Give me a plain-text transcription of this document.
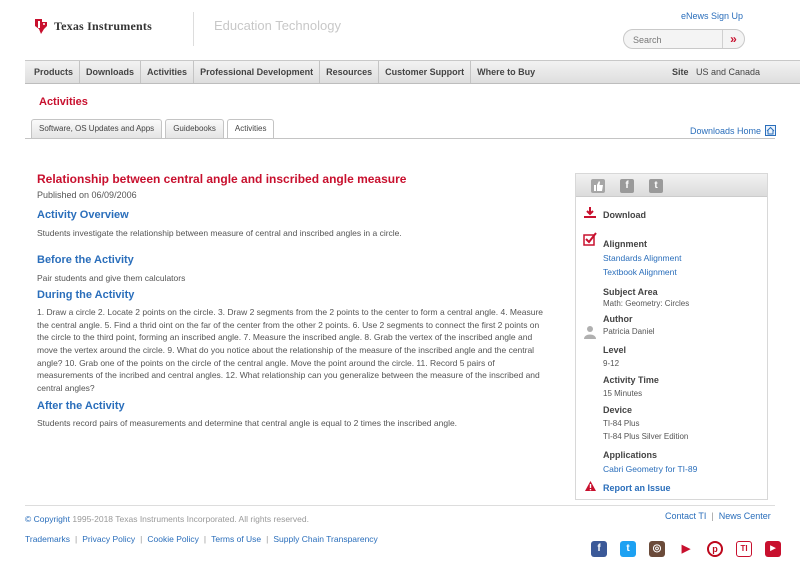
Texas Instruments	Education Technology
eNews Sign Up
Search
»
Products	Downloads	Activities	Professional Development	Resources	Customer Support	Where to Buy	Site US and Canada
Activities
Software, OS Updates and Apps	Guidebooks	Activities	Downloads Home
Relationship between central angle and inscribed angle measure
Published on 06/09/2006
Activity Overview
Students investigate the relationship between measure of central and inscribed angles in a circle.
Before the Activity
Pair students and give them calculators
During the Activity
1. Draw a circle 2. Locate 2 points on the circle. 3. Draw 2 segments from the 2 points to the center to form a central angle. 4. Measure the central angle. 5. Find a thrid oint on the far of the center from the other 2 points. 6. Use 2 segments to connect the first 2 points on the circle to the third point, forming an inscribed angle. 7. Measure the inscribed angle. 8. Grab the vertex of the inscribed angle and move the vertex around the circle. 9. What do you notice about the relationship of the measure of the inscribed angle and the central angle? 10. Grab one of the points on the circle of the central angle. Move the point around the circle. 11. Record 5 pairs of measurements of the incribed and central angles. 12. What relationship can you generalize between the measure of the inscribed and central angles?
After the Activity
Students record pairs of measurements and determine that central angle is equal to 2 times the inscribed angle.
f	t
Download
Alignment
Standards Alignment
Textbook Alignment
Subject Area
Math: Geometry: Circles
Author
Patricia Daniel
Level
9-12
Activity Time
15 Minutes
Device
TI-84 Plus
TI-84 Plus Silver Edition
Applications
Cabri Geometry for TI-89
Report an Issue
© Copyright 1995-2018 Texas Instruments Incorporated. All rights reserved.	Contact TI | News Center
Trademarks | Privacy Policy | Cookie Policy | Terms of Use | Supply Chain Transparency
f	t	◎	▶	p	TI	▶
